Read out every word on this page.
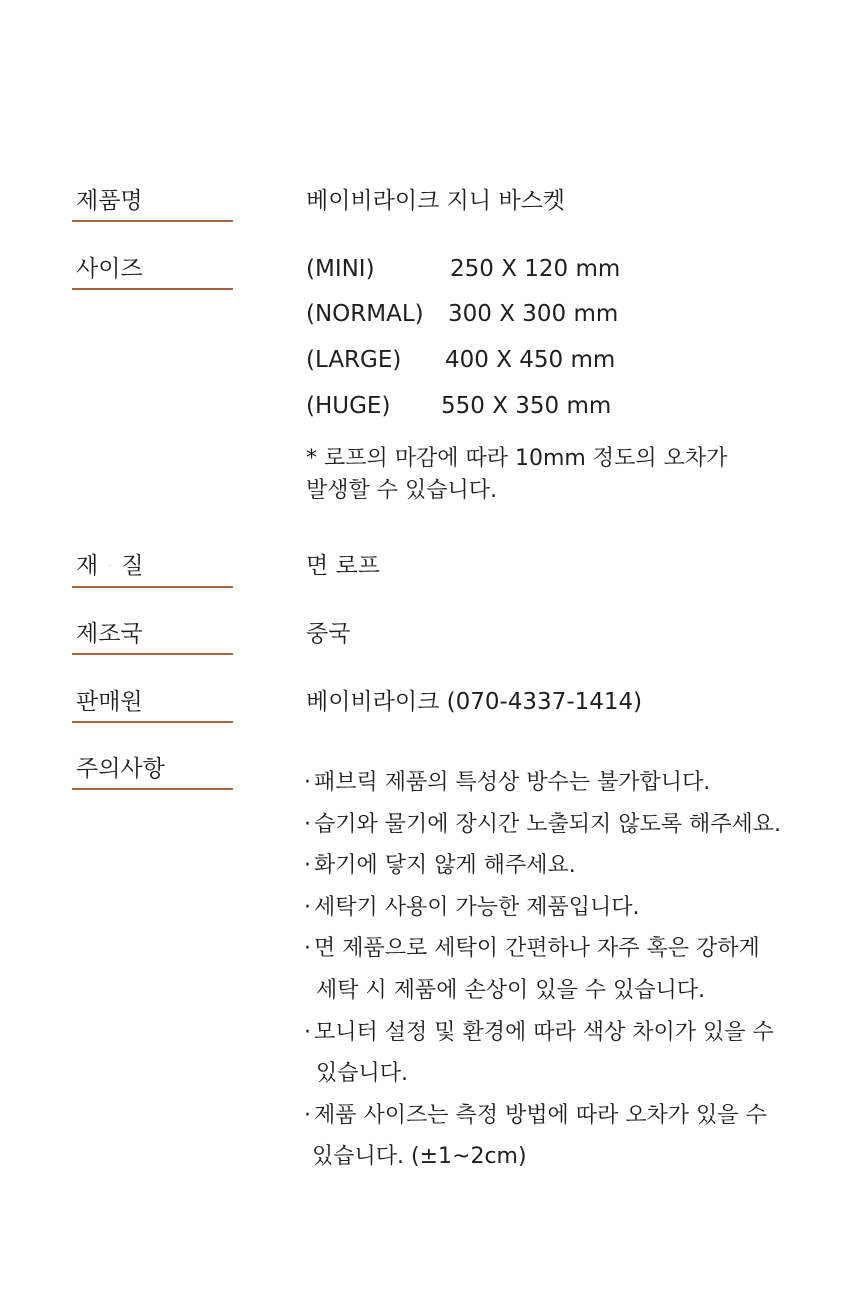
제품명	베이비라이크 지니 바스켓
사이즈	(MINI)	250 X 120 mm
(NORMAL) 300 X 300 mm
(LARGE) 400 X 450 mm
(HUGE) 550 X 350 mm
* 로프의 마감에 따라 10mm 정도의 오차가
발생할 수 있습니다.
재 · 질	면 로프
제조국	중국
판매원	베이비라이크 (070-4337-1414)
주의사항
· 패브릭 제품의 특성상 방수는 불가합니다.
· 습기와 물기에 장시간 노출되지 않도록 해주세요.
· 화기에 닿지 않게 해주세요.
· 세탁기 사용이 가능한 제품입니다.
· 면 제품으로 세탁이 간편하나 자주 혹은 강하게
세탁 시 제품에 손상이 있을 수 있습니다.
· 모니터 설정 및 환경에 따라 색상 차이가 있을 수
있습니다.
· 제품 사이즈는 측정 방법에 따라 오차가 있을 수
있습니다. (±1~2cm)
